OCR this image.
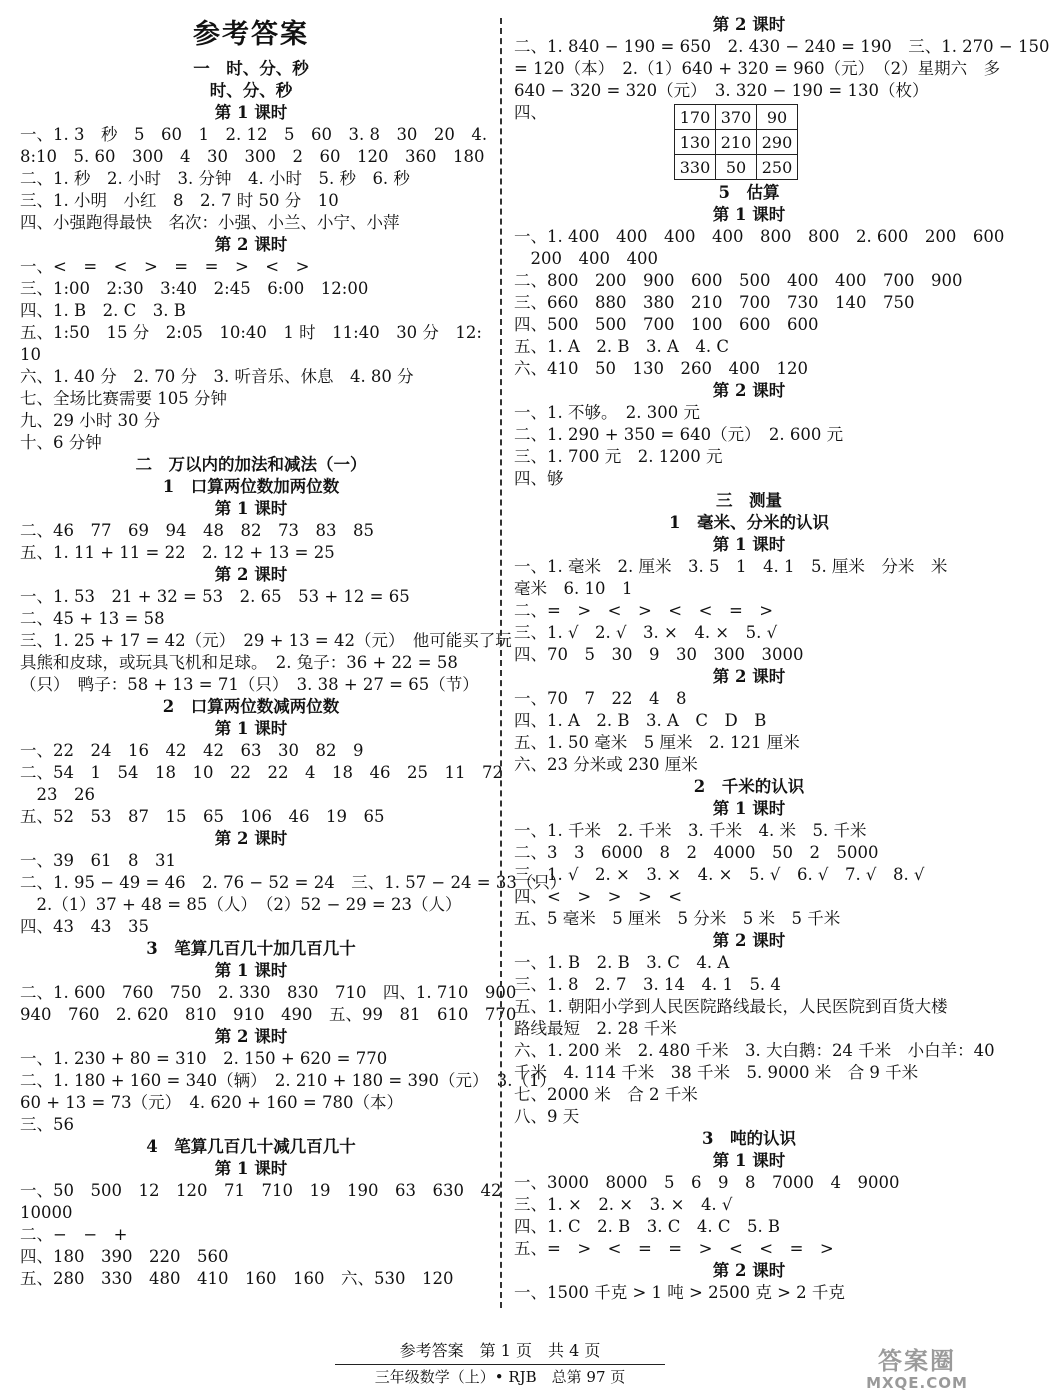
参考答案
一　时、分、秒
时、分、秒
第 1 课时
一、1. 3　秒　5　60　1　2. 12　5　60　3. 8　30　20　4.
8:10　5. 60　300　4　30　300　2　60　120　360　180
二、1. 秒　2. 小时　3. 分钟　4. 小时　5. 秒　6. 秒
三、1. 小明　小红　8　2. 7 时 50 分　10
四、小强跑得最快　名次：小强、小兰、小宁、小萍
第 2 课时
一、<　=　<　>　=　=　>　<　>
三、1:00　2:30　3:40　2:45　6:00　12:00
四、1. B　2. C　3. B
五、1:50　15 分　2:05　10:40　1 时　11:40　30 分　12:
10
六、1. 40 分　2. 70 分　3. 听音乐、休息　4. 80 分
七、全场比赛需要 105 分钟
九、29 小时 30 分
十、6 分钟
二　万以内的加法和减法（一）
1　口算两位数加两位数
第 1 课时
二、46　77　69　94　48　82　73　83　85
五、1. 11 + 11 = 22　2. 12 + 13 = 25
第 2 课时
一、1. 53　21 + 32 = 53　2. 65　53 + 12 = 65
二、45 + 13 = 58
三、1. 25 + 17 = 42（元）　29 + 13 = 42（元）　他可能买了玩
具熊和皮球，或玩具飞机和足球。　2. 兔子：36 + 22 = 58
（只）　鸭子：58 + 13 = 71（只）　3. 38 + 27 = 65（节）
2　口算两位数减两位数
第 1 课时
一、22　24　16　42　42　63　30　82　9
二、54　1　54　18　10　22　22　4　18　46　25　11　72
　23　26
五、52　53　87　15　65　106　46　19　65
第 2 课时
一、39　61　8　31
二、1. 95 − 49 = 46　2. 76 − 52 = 24　三、1. 57 − 24 = 33（只）
　2.（1）37 + 48 = 85（人）　（2）52 − 29 = 23（人）
四、43　43　35
3　笔算几百几十加几百几十
第 1 课时
二、1. 600　760　750　2. 330　830　710　四、1. 710　900
940　760　2. 620　810　910　490　五、99　81　610　770
第 2 课时
一、1. 230 + 80 = 310　2. 150 + 620 = 770
二、1. 180 + 160 = 340（辆）　2. 210 + 180 = 390（元）　3.（1）
60 + 13 = 73（元）　4. 620 + 160 = 780（本）
三、56
4　笔算几百几十减几百几十
第 1 课时
一、50　500　12　120　71　710　19　190　63　630　42
10000
二、−　−　+
四、180　390　220　560
五、280　330　480　410　160　160　六、530　120
第 2 课时
二、1. 840 − 190 = 650　2. 430 − 240 = 190　三、1. 270 − 150
= 120（本）　2.（1）640 + 320 = 960（元）　（2）星期六　多
640 − 320 = 320（元）　3. 320 − 190 = 130（枚）
四、	170	370	90
130	210	290
330	50	250
5　估算
第 1 课时
一、1. 400　400　400　400　800　800　2. 600　200　600
　200　400　400
二、800　200　900　600　500　400　400　700　900
三、660　880　380　210　700　730　140　750
四、500　500　700　100　600　600
五、1. A　2. B　3. A　4. C
六、410　50　130　260　400　120
第 2 课时
一、1. 不够。　2. 300 元
二、1. 290 + 350 = 640（元）　2. 600 元
三、1. 700 元　2. 1200 元
四、够
三　测量
1　毫米、分米的认识
第 1 课时
一、1. 毫米　2. 厘米　3. 5　1　4. 1　5. 厘米　分米　米
毫米　6. 10　1
二、=　>　<　>　<　<　=　>
三、1. √　2. √　3. ×　4. ×　5. √
四、70　5　30　9　30　300　3000
第 2 课时
一、70　7　22　4　8
四、1. A　2. B　3. A　C　D　B
五、1. 50 毫米　5 厘米　2. 121 厘米
六、23 分米或 230 厘米
2　千米的认识
第 1 课时
一、1. 千米　2. 千米　3. 千米　4. 米　5. 千米
二、3　3　6000　8　2　4000　50　2　5000
三、1. √　2. ×　3. ×　4. ×　5. √　6. √　7. √　8. √
四、<　>　>　>　<
五、5 毫米　5 厘米　5 分米　5 米　5 千米
第 2 课时
一、1. B　2. B　3. C　4. A
三、1. 8　2. 7　3. 14　4. 1　5. 4
五、1. 朝阳小学到人民医院路线最长，人民医院到百货大楼
路线最短　2. 28 千米
六、1. 200 米　2. 480 千米　3. 大白鹅：24 千米　小白羊：40
千米　4. 114 千米　38 千米　5. 9000 米　合 9 千米
七、2000 米　合 2 千米
八、9 天
3　吨的认识
第 1 课时
一、3000　8000　5　6　9　8　7000　4　9000
三、1. ×　2. ×　3. ×　4. √
四、1. C　2. B　3. C　4. C　5. B
五、=　>　<　=　=　>　<　<　=　>
第 2 课时
一、1500 千克 > 1 吨 > 2500 克 > 2 千克
参考答案　第 1 页　共 4 页
三年级数学（上）• RJB　总第 97 页
答案圈
MXQE.COM
